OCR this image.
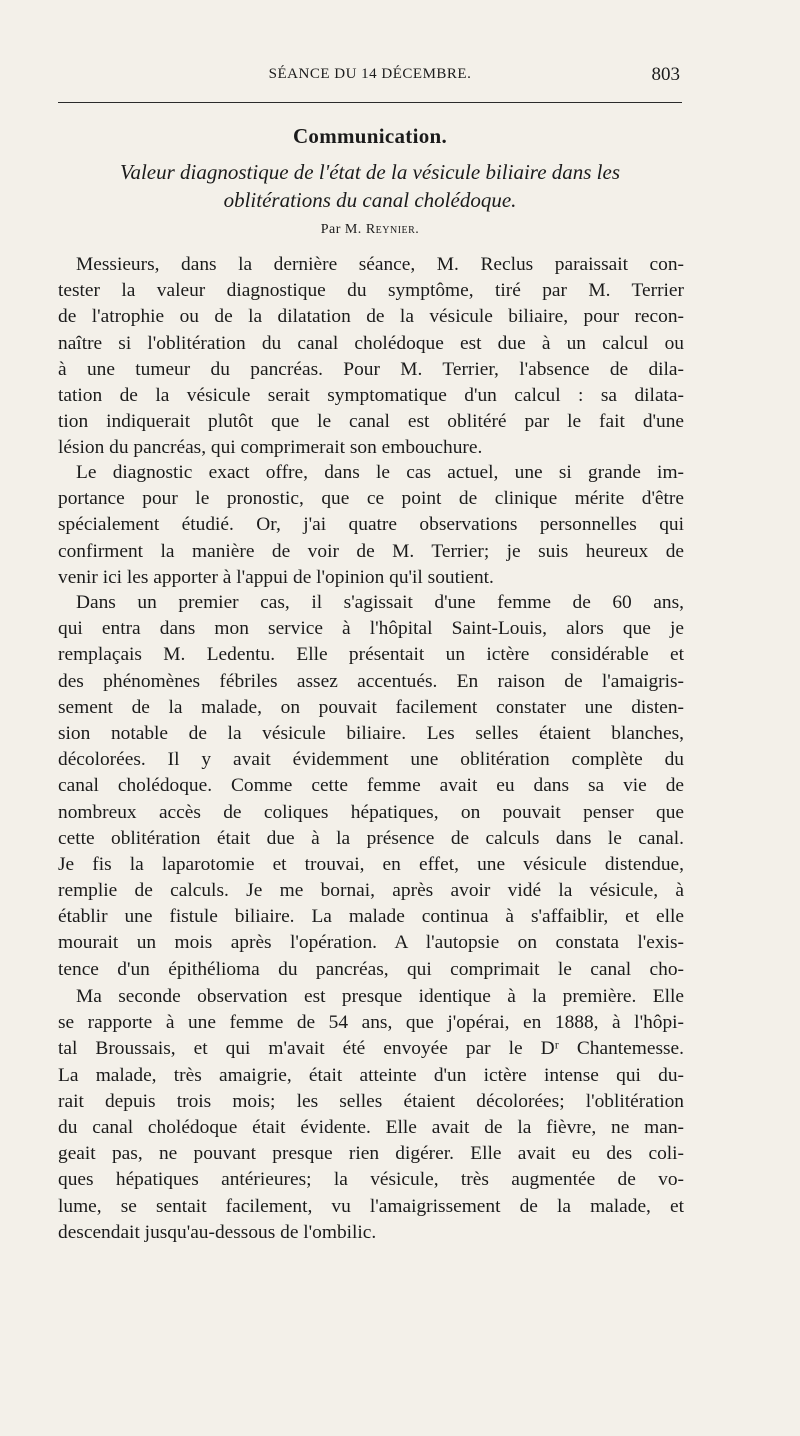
SÉANCE DU 14 DÉCEMBRE.	803
Communication.
Valeur diagnostique de l'état de la vésicule biliaire dans les
oblitérations du canal cholédoque.
Par M. Reynier.
Messieurs, dans la dernière séance, M. Reclus paraissait con-
tester la valeur diagnostique du symptôme, tiré par M. Terrier
de l'atrophie ou de la dilatation de la vésicule biliaire, pour recon-
naître si l'oblitération du canal cholédoque est due à un calcul ou
à une tumeur du pancréas. Pour M. Terrier, l'absence de dila-
tation de la vésicule serait symptomatique d'un calcul : sa dilata-
tion indiquerait plutôt que le canal est oblitéré par le fait d'une
lésion du pancréas, qui comprimerait son embouchure.
Le diagnostic exact offre, dans le cas actuel, une si grande im-
portance pour le pronostic, que ce point de clinique mérite d'être
spécialement étudié. Or, j'ai quatre observations personnelles qui
confirment la manière de voir de M. Terrier; je suis heureux de
venir ici les apporter à l'appui de l'opinion qu'il soutient.
Dans un premier cas, il s'agissait d'une femme de 60 ans,
qui entra dans mon service à l'hôpital Saint-Louis, alors que je
remplaçais M. Ledentu. Elle présentait un ictère considérable et
des phénomènes fébriles assez accentués. En raison de l'amaigris-
sement de la malade, on pouvait facilement constater une disten-
sion notable de la vésicule biliaire. Les selles étaient blanches,
décolorées. Il y avait évidemment une oblitération complète du
canal cholédoque. Comme cette femme avait eu dans sa vie de
nombreux accès de coliques hépatiques, on pouvait penser que
cette oblitération était due à la présence de calculs dans le canal.
Je fis la laparotomie et trouvai, en effet, une vésicule distendue,
remplie de calculs. Je me bornai, après avoir vidé la vésicule, à
établir une fistule biliaire. La malade continua à s'affaiblir, et elle
mourait un mois après l'opération. A l'autopsie on constata l'exis-
tence d'un épithélioma du pancréas, qui comprimait le canal cho-
Ma seconde observation est presque identique à la première. Elle
se rapporte à une femme de 54 ans, que j'opérai, en 1888, à l'hôpi-
tal Broussais, et qui m'avait été envoyée par le Dʳ Chantemesse.
La malade, très amaigrie, était atteinte d'un ictère intense qui du-
rait depuis trois mois; les selles étaient décolorées; l'oblitération
du canal cholédoque était évidente. Elle avait de la fièvre, ne man-
geait pas, ne pouvant presque rien digérer. Elle avait eu des coli-
ques hépatiques antérieures; la vésicule, très augmentée de vo-
lume, se sentait facilement, vu l'amaigrissement de la malade, et
descendait jusqu'au-dessous de l'ombilic.
